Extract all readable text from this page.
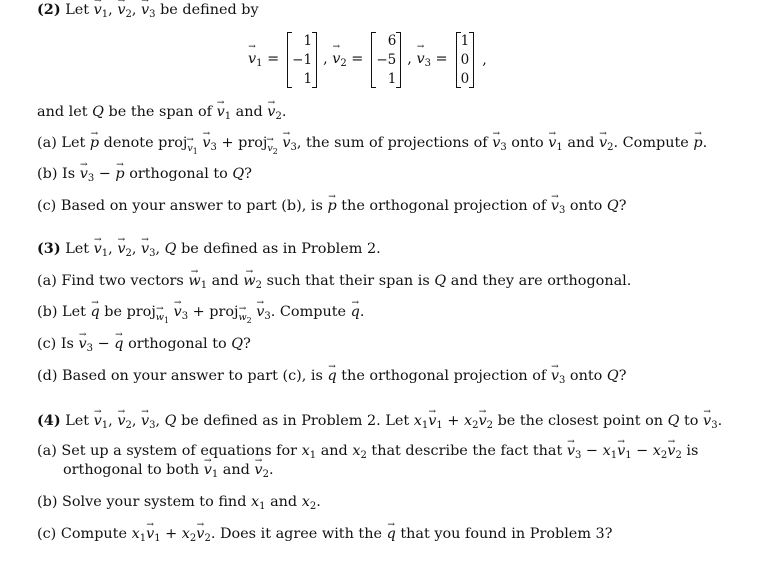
(2) Let → $v_1$, → $v_2$, → $v_3$ be defined by
→ $v_1$ =
1
−1
1
, → $v_2$ =
6
−5
1
, → $v_3$ =
1
0
0
,
and let Q be the span of → $v_1$ and → $v_2$.
(a) Let → p denote proj→ $_{v_1} \to v_3$ + proj→ $_{v_2} \to v_3$, the sum of projections of → $v_3$ onto → $v_1$ and → $v_2$. Compute → p.
(b) $Is \to v_3$ − → p orthogonal to Q?
(c) Based on your answer to part (b), is → p the orthogonal projection of → $v_3$ onto Q?
(3) Let → $v_1$, → $v_2$, → $v_3$, Q be defined as in Problem 2.
(a) Find two vectors → $w_1$ and → $w_2$ such that their span is Q and they are orthogonal.
(b) Let → q be proj→ $_{w_1} \to v_3$ + proj→ $_{w_2} \to v_3$. Compute → q.
(c) $Is \to v_3$ − → q orthogonal to Q?
(d) Based on your answer to part (c), is → q the orthogonal projection of → $v_3$ onto Q?
(4) Let → $v_1$, → $v_2$, → $v_3$, Q be defined as in Problem 2. Let $x_1\to v_1 + x_2\to v_2$ be the closest point on Q to → $v_3$.
(a) Set up a system of equations for $x_1$ and $x_2$ that describe the fact that → $v_3 - x_1\to v_1 - x_2\to v_2$ is
orthogonal to both → $v_1$ and → $v_2$.
(b) Solve your system to find $x_1$ and $x_2$.
(c) Compute $x_1\to v_1 + x_2\to v_2$. Does it agree with the → q that you found in Problem 3?
